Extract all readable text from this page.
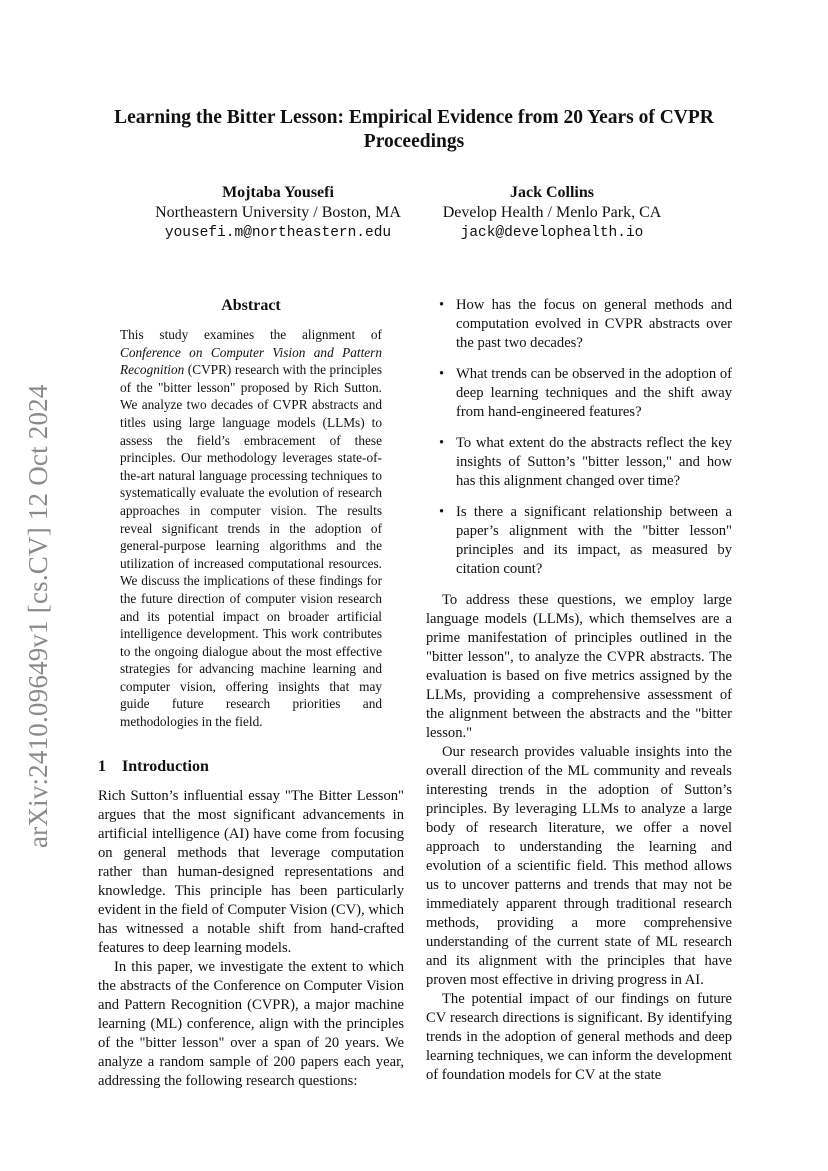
arXiv:2410.09649v1 [cs.CV] 12 Oct 2024
Learning the Bitter Lesson: Empirical Evidence from 20 Years of CVPR Proceedings
Mojtaba Yousefi
Northeastern University / Boston, MA
yousefi.m@northeastern.edu
Jack Collins
Develop Health / Menlo Park, CA
jack@develophealth.io
Abstract

This study examines the alignment of Conference on Computer Vision and Pattern Recognition (CVPR) research with the principles of the "bitter lesson" proposed by Rich Sutton. We analyze two decades of CVPR abstracts and titles using large language models (LLMs) to assess the field’s embracement of these principles. Our methodology leverages state-of-the-art natural language processing techniques to systematically evaluate the evolution of research approaches in computer vision. The results reveal significant trends in the adoption of general-purpose learning algorithms and the utilization of increased computational resources. We discuss the implications of these findings for the future direction of computer vision research and its potential impact on broader artificial intelligence development. This work contributes to the ongoing dialogue about the most effective strategies for advancing machine learning and computer vision, offering insights that may guide future research priorities and methodologies in the field.

1 Introduction

Rich Sutton’s influential essay "The Bitter Lesson" argues that the most significant advancements in artificial intelligence (AI) have come from focusing on general methods that leverage computation rather than human-designed representations and knowledge. This principle has been particularly evident in the field of Computer Vision (CV), which has witnessed a notable shift from hand-crafted features to deep learning models.

In this paper, we investigate the extent to which the abstracts of the Conference on Computer Vision and Pattern Recognition (CVPR), a major machine learning (ML) conference, align with the principles of the "bitter lesson" over a span of 20 years. We analyze a random sample of 200 papers each year, addressing the following research questions:

• How has the focus on general methods and computation evolved in CVPR abstracts over the past two decades?
• What trends can be observed in the adoption of deep learning techniques and the shift away from hand-engineered features?
• To what extent do the abstracts reflect the key insights of Sutton’s "bitter lesson," and how has this alignment changed over time?
• Is there a significant relationship between a paper’s alignment with the "bitter lesson" principles and its impact, as measured by citation count?

To address these questions, we employ large language models (LLMs), which themselves are a prime manifestation of principles outlined in the "bitter lesson", to analyze the CVPR abstracts. The evaluation is based on five metrics assigned by the LLMs, providing a comprehensive assessment of the alignment between the abstracts and the "bitter lesson."

Our research provides valuable insights into the overall direction of the ML community and reveals interesting trends in the adoption of Sutton’s principles. By leveraging LLMs to analyze a large body of research literature, we offer a novel approach to understanding the learning and evolution of a scientific field. This method allows us to uncover patterns and trends that may not be immediately apparent through traditional research methods, providing a more comprehensive understanding of the current state of ML research and its alignment with the principles that have proven most effective in driving progress in AI.

The potential impact of our findings on future CV research directions is significant. By identifying trends in the adoption of general methods and deep learning techniques, we can inform the development of foundation models for CV at the state
